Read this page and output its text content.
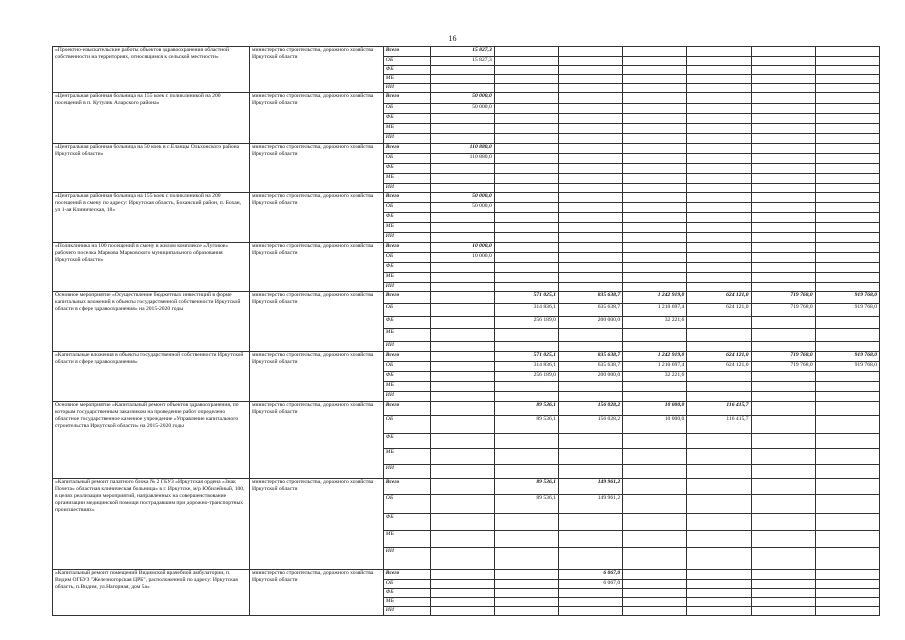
16
«Проектно-изыскательские работы объектов здравоохранения областной собственности на территориях, относящимся к сельской местности»	министерство строительства, дорожного хозяйства Иркутской области	Всего	15 827,3						
		ОБ	15 827,3						
		ФБ							
		МБ							
		ИИ							
«Центральная районная больница на 155 коек с поликлиникой на 200 посещений в п. Кутулик Аларского района»	министерство строительства, дорожного хозяйства Иркутской области	Всего	50 000,0						
		ОБ	50 000,0						
		ФБ							
		МБ							
		ИИ							
«Центральная районная больница на 50 коек в с.Еланцы Ольхонского района Иркутской области»	министерство строительства, дорожного хозяйства Иркутской области	Всего	110 880,0						
		ОБ	110 880,0						
		ФБ							
		МБ							
		ИИ							
«Центральная районная больница на 155 коек с поликлиникой на 200 посещений в смену по адресу: Иркутская область, Боханский район, п. Бохан, ул 1-ая Клиническая, 18»	министерство строительства, дорожного хозяйства Иркутской области	Всего	50 000,0						
		ОБ	50 000,0						
		ФБ							
		МБ							
		ИИ							
«Поликлиника на 100 посещений в смену в жилом комплексе «Луговое» рабочего поселка Маркова Марковского муниципального образования Иркутской области»	министерство строительства, дорожного хозяйства Иркутской области	Всего	10 000,0						
		ОБ	10 000,0						
		ФБ							
		МБ							
		ИИ							
Основное мероприятие «Осуществление бюджетных инвестиций в форме капитальных вложений в объекты государственной собственности Иркутской области в сфере здравоохранения» на 2015-2020 годы	министерство строительства, дорожного хозяйства Иркутской области	Всего		571 025,1	835 638,7	1 242 919,0	624 121,0	719 768,0	919 768,0
		ОБ		314 836,1	635 638,7	1 210 697,4	624 121,0	719 768,0	919 768,0
		ФБ		256 189,0	200 000,0	32 221,6			
		МБ							
		ИИ							
«Капитальные вложения в объекты государственной собственности Иркутской области в сфере здравоохранения»	министерство строительства, дорожного хозяйства Иркутской области	Всего		571 025,1	835 638,7	1 242 919,0	624 121,0	719 768,0	919 768,0
		ОБ		314 836,1	635 638,7	1 210 697,4	624 121,0	719 768,0	919 768,0
		ФБ		256 189,0	200 000,0	32 221,6			
		МБ							
		ИИ							
Основное мероприятие «Капитальный ремонт объектов здравоохранения, по которым государственным заказчиком на проведение работ определено областное государственное казенное учреждение «Управление капитального строительства Иркутской области» на 2015-2020 годы	министерство строительства, дорожного хозяйства Иркутской области	Всего		89 536,1	156 028,2	10 000,0	116 415,7		
		ОБ		89 536,1	156 028,2	10 000,0	116 415,7		
		ФБ							
		МБ							
		ИИ							
«Капитальный ремонт палатного блока № 2 ГБУЗ «Иркутская ордена «Знак Почета» областная клиническая больница» в г. Иркутске, м/р Юбилейный, 100, в целях реализации мероприятий, направленных на совершенствование организации медицинской помощи пострадавшим при дорожно-транспортных происшествиях»	министерство строительства, дорожного хозяйства Иркутской области	Всего		89 536,1	149 961,2				
		ОБ		89 536,1	149 961,2				
		ФБ							
		МБ							
		ИИ							
«Капитальный ремонт помещений Видимской врачебной амбулатории, п. Видим ОГБУЗ "Железногорская ЦРБ", расположенной по адресу: Иркутская область, п.Видим, ул.Нагорная, дом 5а»	министерство строительства, дорожного хозяйства Иркутской области	Всего			6 067,0				
		ОБ			6 067,0				
		ФБ							
		МБ							
		ИИ							
